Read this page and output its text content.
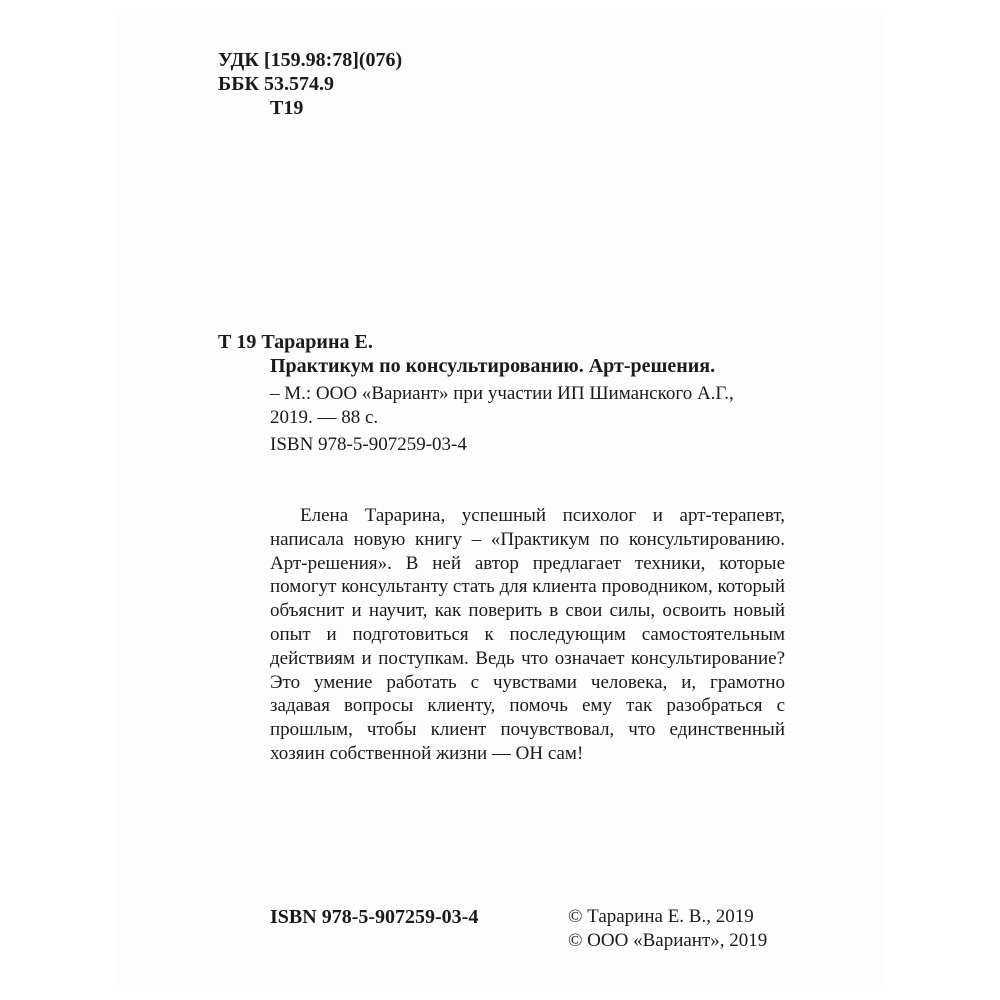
УДК [159.98:78](076)
ББК 53.574.9
Т19
Т 19 Тарарина Е.
Практикум по консультированию. Арт-решения.
– М.: ООО «Вариант» при участии ИП Шиманского А.Г.,
2019. — 88 с.
ISBN 978-5-907259-03-4

Елена Тарарина, успешный психолог и арт-терапевт, написала новую книгу – «Практикум по консультированию. Арт-решения». В ней автор предлагает техники, которые помогут консультанту стать для клиента проводником, который объяснит и научит, как поверить в свои силы, освоить новый опыт и подготовиться к последующим самостоятельным действиям и поступкам. Ведь что означает консультирование? Это умение работать с чувствами человека, и, грамотно задавая вопросы клиенту, помочь ему так разобраться с прошлым, чтобы клиент почувствовал, что единственный хозяин собственной жизни — ОН сам!

ISBN 978-5-907259-03-4	© Тарарина Е. В., 2019
© ООО «Вариант», 2019
